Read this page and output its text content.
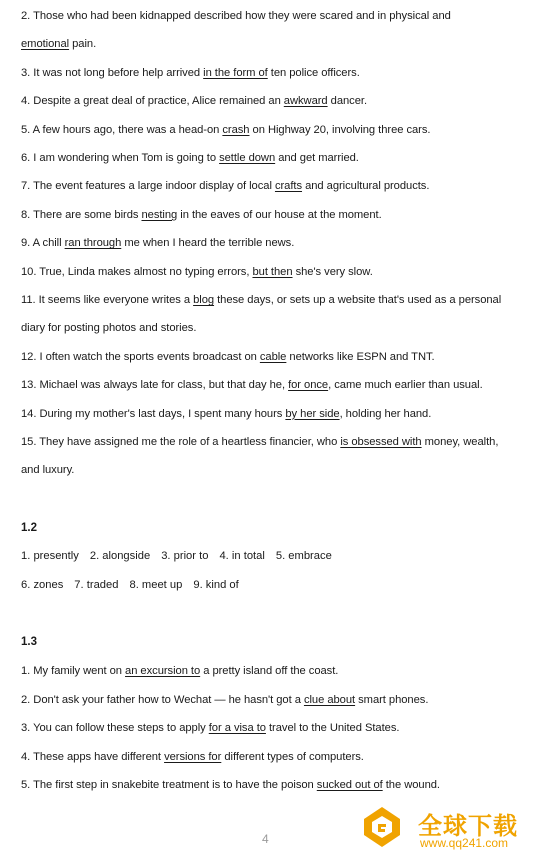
2. Those who had been kidnapped described how they were scared and in physical and
emotional pain.
3. It was not long before help arrived in the form of ten police officers.
4. Despite a great deal of practice, Alice remained an awkward dancer.
5. A few hours ago, there was a head-on crash on Highway 20, involving three cars.
6. I am wondering when Tom is going to settle down and get married.
7. The event features a large indoor display of local crafts and agricultural products.
8. There are some birds nesting in the eaves of our house at the moment.
9. A chill ran through me when I heard the terrible news.
10. True, Linda makes almost no typing errors, but then she's very slow.
11. It seems like everyone writes a blog these days, or sets up a website that's used as a personal
diary for posting photos and stories.
12. I often watch the sports events broadcast on cable networks like ESPN and TNT.
13. Michael was always late for class, but that day he, for once, came much earlier than usual.
14. During my mother's last days, I spent many hours by her side, holding her hand.
15. They have assigned me the role of a heartless financier, who is obsessed with money, wealth,
and luxury.
1.2
1. presently 2. alongside 3. prior to 4. in total 5. embrace
6. zones 7. traded 8. meet up 9. kind of
1.3
1. My family went on an excursion to a pretty island off the coast.
2. Don't ask your father how to Wechat — he hasn't got a clue about smart phones.
3. You can follow these steps to apply for a visa to travel to the United States.
4. These apps have different versions for different types of computers.
5. The first step in snakebite treatment is to have the poison sucked out of the wound.
4	全球下载
www.qq241.com
